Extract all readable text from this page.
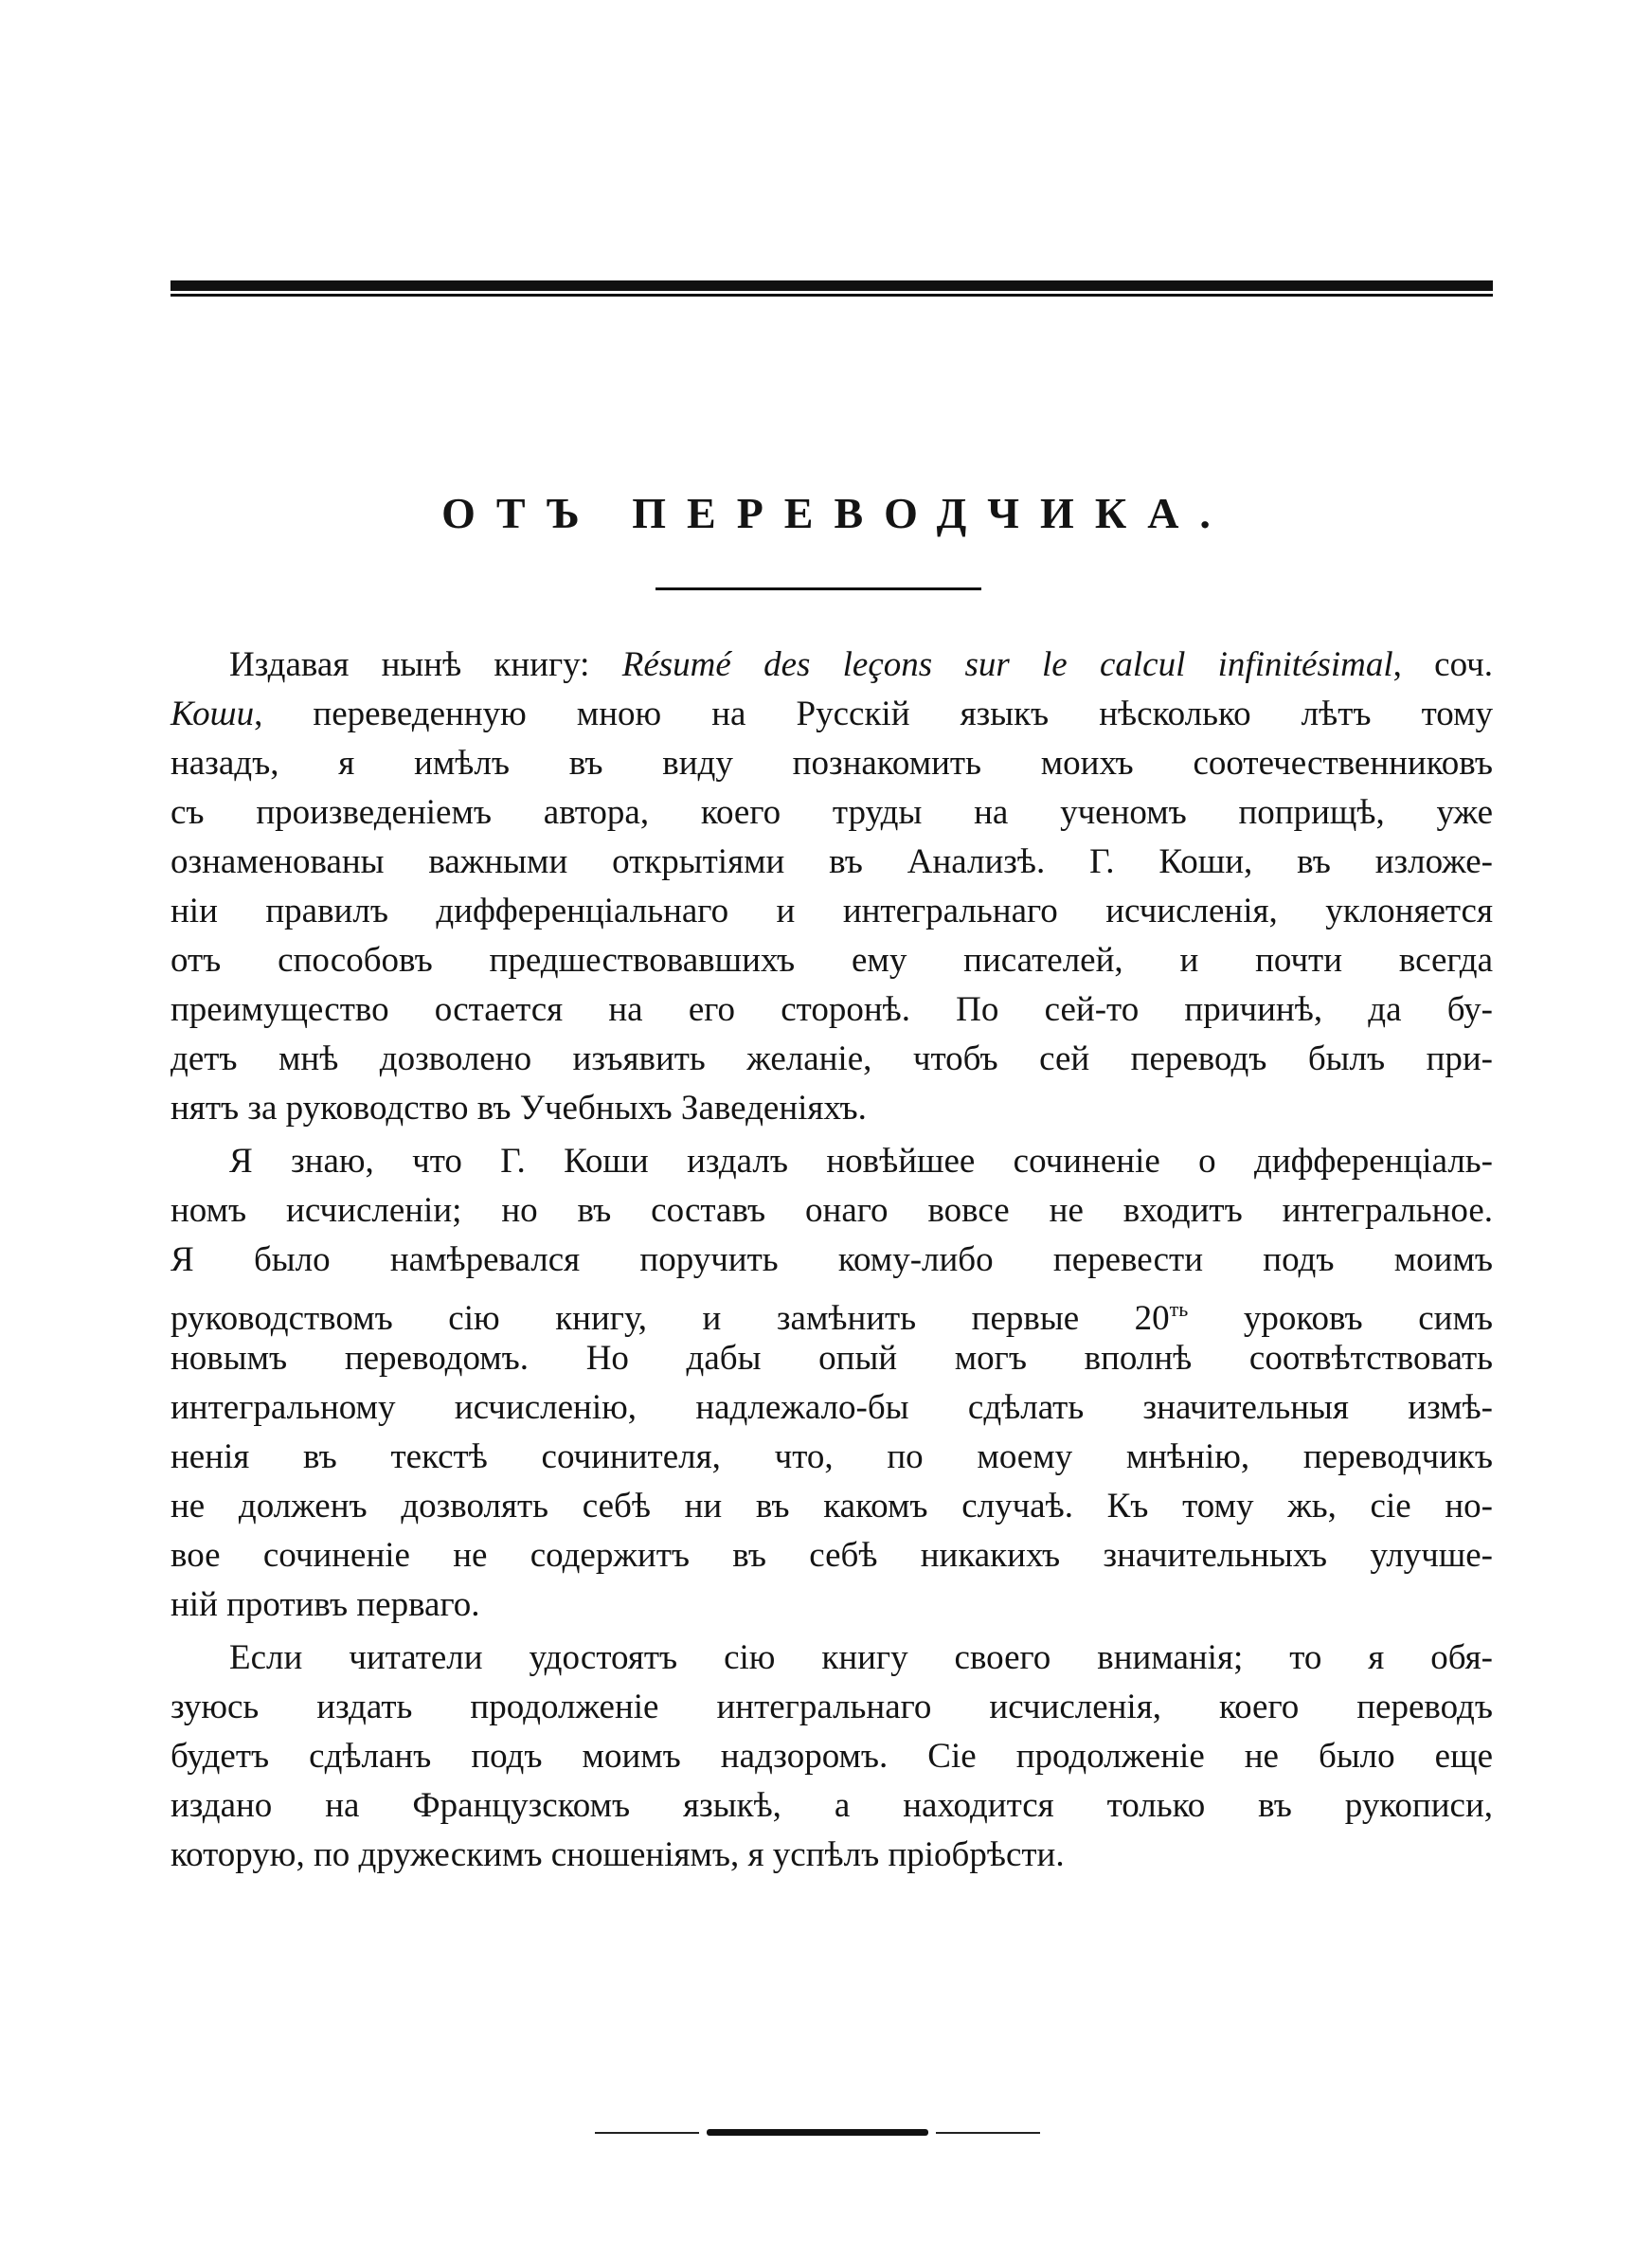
ОТЪ ПЕРЕВОДЧИКА.
Издавая нынѣ книгу: Résumé des leçons sur le calcul infinitésimal, соч.
Коши, переведенную мною на Русскій языкъ нѣсколько лѣтъ тому
назадъ, я имѣлъ въ виду познакомить моихъ соотечественниковъ
съ произведеніемъ автора, коего труды на ученомъ поприщѣ, уже
ознаменованы важными открытіями въ Анализѣ. Г. Коши, въ изложе-
ніи правилъ дифференціальнаго и интегральнаго исчисленія, уклоняется
отъ способовъ предшествовавшихъ ему писателей, и почти всегда
преимущество остается на его сторонѣ. По сей-то причинѣ, да бу-
детъ мнѣ дозволено изъявить желаніе, чтобъ сей переводъ былъ при-
нятъ за руководство въ Учебныхъ Заведеніяхъ.
Я знаю, что Г. Коши издалъ новѣйшее сочиненіе о дифференціаль-
номъ исчисленіи; но въ составъ онаго вовсе не входитъ интегральное.
Я было намѣревался поручить кому-либо перевести подъ моимъ
руководствомъ сію книгу, и замѣнить первые $20^{ть}$ уроковъ симъ
новымъ переводомъ. Но дабы опый могъ вполнѣ соотвѣтствовать
интегральному исчисленію, надлежало-бы сдѣлать значительныя измѣ-
ненія въ текстѣ сочинителя, что, по моему мнѣнію, переводчикъ
не долженъ дозволять себѣ ни въ какомъ случаѣ. Къ тому жь, сіе но-
вое сочиненіе не содержитъ въ себѣ никакихъ значительныхъ улучше-
ній противъ перваго.
Если читатели удостоятъ сію книгу своего вниманія; то я обя-
зуюсь издать продолженіе интегральнаго исчисленія, коего переводъ
будетъ сдѣланъ подъ моимъ надзоромъ. Сіе продолженіе не было еще
издано на Французскомъ языкѣ, а находится только въ рукописи,
которую, по дружескимъ сношеніямъ, я успѣлъ пріобрѣсти.
